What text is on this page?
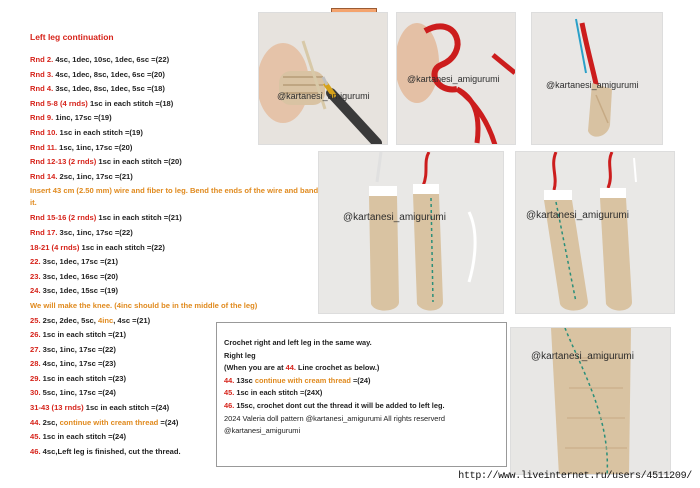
Left leg continuation
Rnd 2. 4sc, 1dec, 10sc, 1dec, 6sc =(22)
Rnd 3. 4sc, 1dec, 8sc, 1dec, 6sc =(20)
Rnd 4. 3sc, 1dec, 8sc, 1dec, 5sc =(18)
Rnd 5-8 (4 rnds) 1sc in each stitch =(18)
Rnd 9. 1inc, 17sc =(19)
Rnd 10. 1sc in each stitch =(19)
Rnd 11. 1sc, 1inc, 17sc =(20)
Rnd 12-13 (2 rnds) 1sc in each stitch =(20)
Rnd 14. 2sc, 1inc, 17sc =(21)
Insert 43 cm (2.50 mm) wire and fiber to leg. Bend the ends of the wire and band it.
Rnd 15-16 (2 rnds) 1sc in each stitch =(21)
Rnd 17. 3sc, 1inc, 17sc =(22)
18-21 (4 rnds) 1sc in each stitch =(22)
22. 3sc, 1dec, 17sc =(21)
23. 3sc, 1dec, 16sc =(20)
24. 3sc, 1dec, 15sc =(19)
We will make the knee. (4inc should be in the middle of the leg)
25. 2sc, 2dec, 5sc, 4inc, 4sc =(21)
26. 1sc in each stitch =(21)
27. 3sc, 1inc, 17sc =(22)
28. 4sc, 1inc, 17sc =(23)
29. 1sc in each stitch =(23)
30. 5sc, 1inc, 17sc =(24)
31-43 (13 rnds) 1sc in each stitch =(24)
44. 2sc, continue with cream thread =(24)
45. 1sc in each stitch =(24)
46. 4sc,Left leg is finished, cut the thread.
@kartanesi_amigurumi
@kartanesi_amigurumi
@kartanesi_amigurumi
@kartanesi_amigurumi	@kartanesi_amigurumi
@kartanesi_amigurumi
Crochet right and left leg in the same way.
Right leg
(When you are at 44. Line crochet as below.)
44. 13sc continue with cream thread =(24)
45. 1sc in each stitch =(24X)
46. 15sc, crochet dont cut the thread it will be added to left leg.
2024 Valeria doll pattern @kartanesi_amigurumi All rights reserverd
@kartanesi_amigurumi
http://www.liveinternet.ru/users/4511209/
